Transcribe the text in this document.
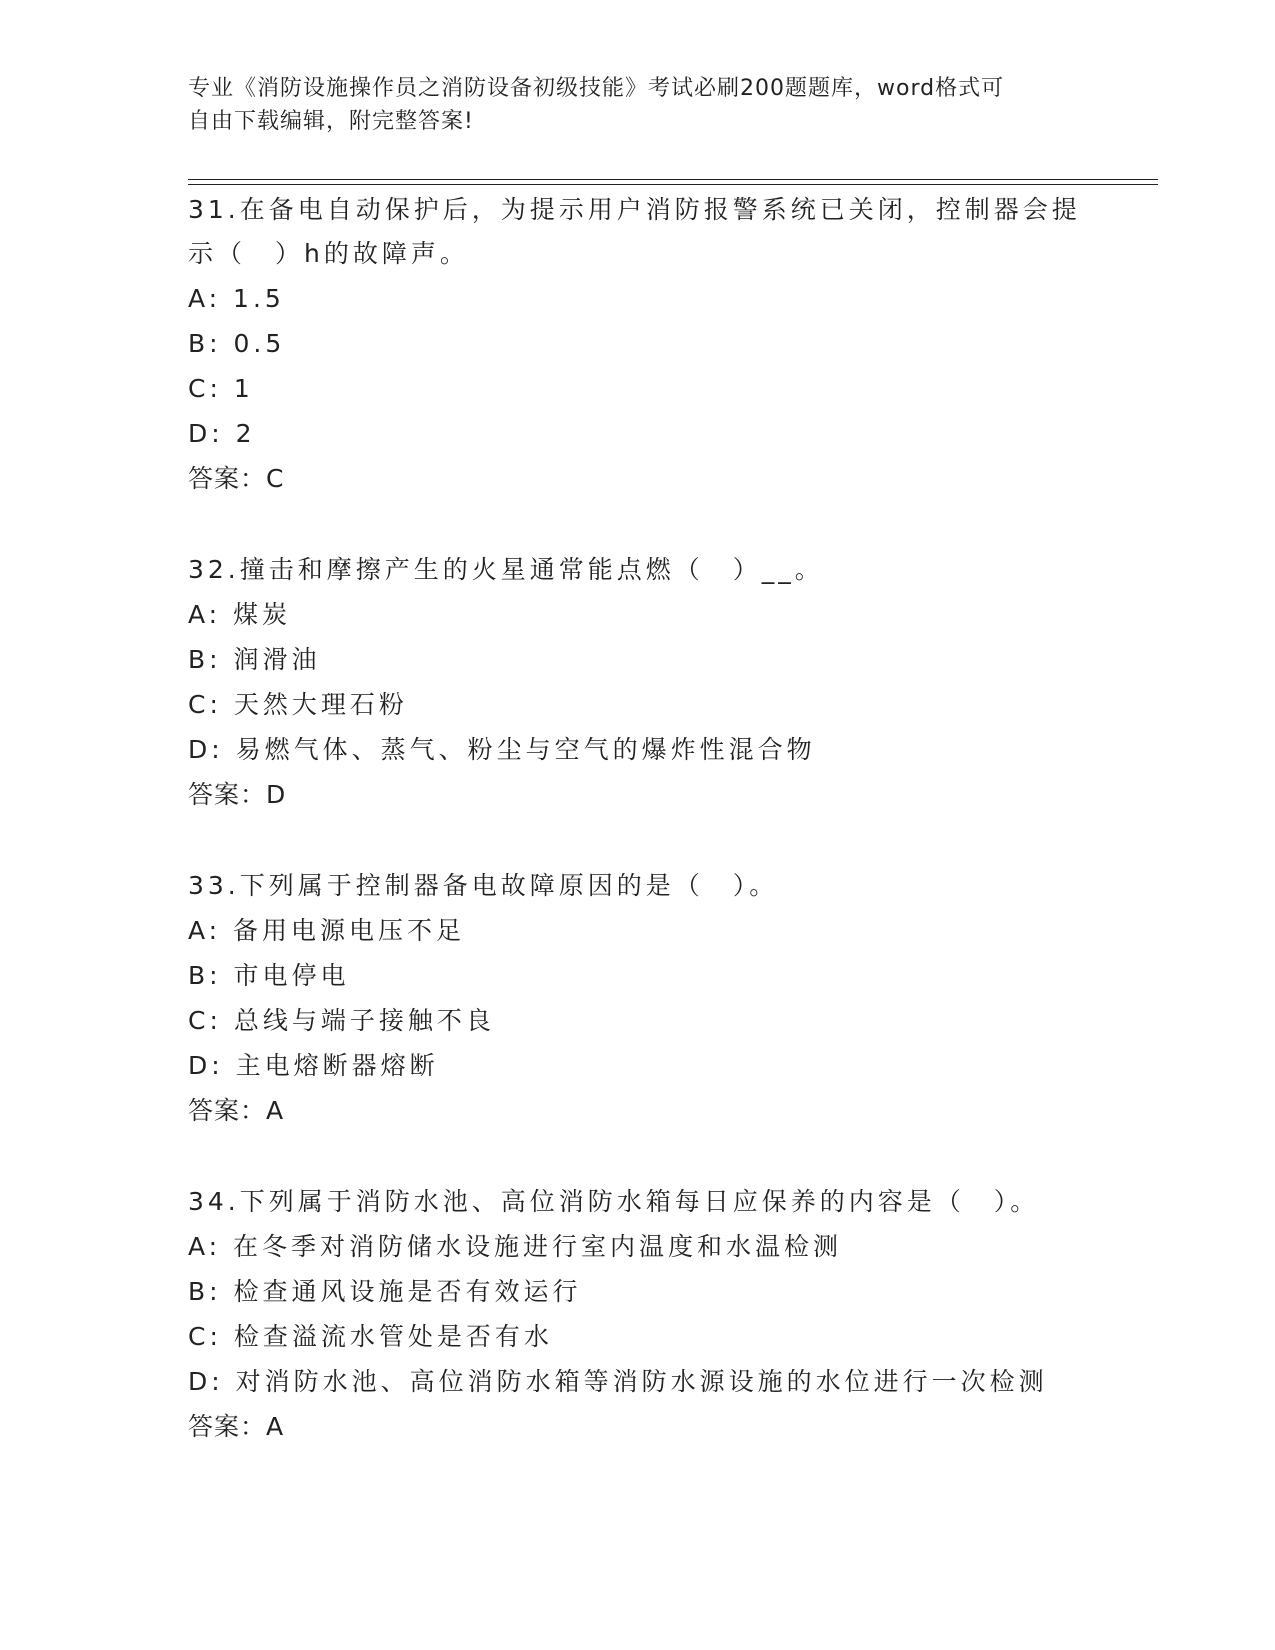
专业《消防设施操作员之消防设备初级技能》考试必刷200题题库，word格式可
自由下载编辑，附完整答案!
31.在备电自动保护后，为提示用户消防报警系统已关闭，控制器会提
示（　）h的故障声。
A: 1.5
B: 0.5
C: 1
D: 2
答案：C
32.撞击和摩擦产生的火星通常能点燃（　）__。
A: 煤炭
B: 润滑油
C: 天然大理石粉
D: 易燃气体、蒸气、粉尘与空气的爆炸性混合物
答案：D
33.下列属于控制器备电故障原因的是（　）。
A: 备用电源电压不足
B: 市电停电
C: 总线与端子接触不良
D: 主电熔断器熔断
答案：A
34.下列属于消防水池、高位消防水箱每日应保养的内容是（　）。
A: 在冬季对消防储水设施进行室内温度和水温检测
B: 检查通风设施是否有效运行
C: 检查溢流水管处是否有水
D: 对消防水池、高位消防水箱等消防水源设施的水位进行一次检测
答案：A
